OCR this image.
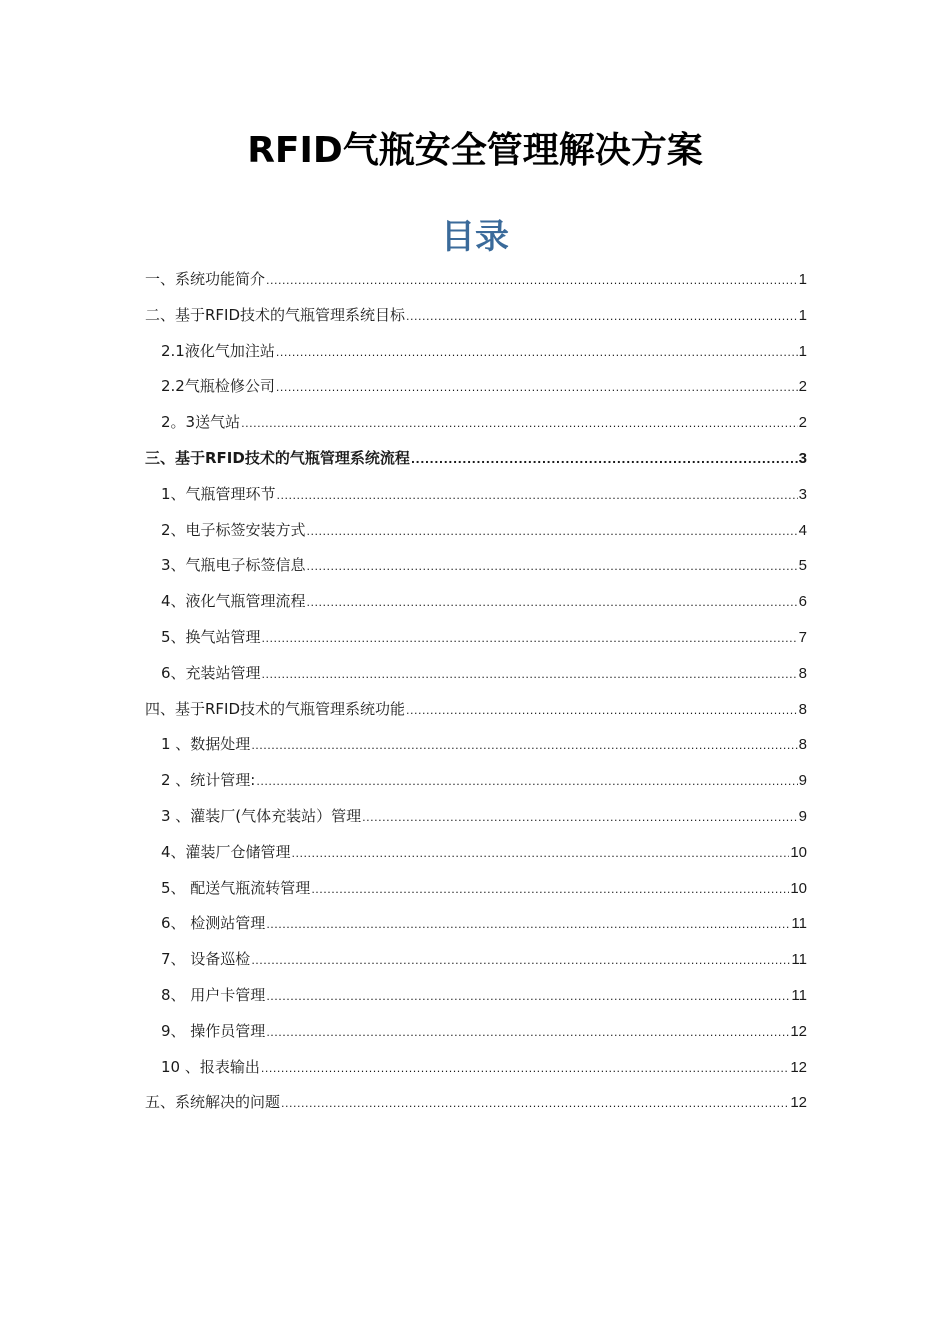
RFID气瓶安全管理解决方案
目录
一、系统功能简介 .....	1
二、基于RFID技术的气瓶管理系统目标 .....	1
2.1液化气加注站 .....	1
2.2气瓶检修公司 .....	2
2。3送气站 .....	2
三、基于RFID技术的气瓶管理系统流程 .....	3
1、气瓶管理环节 .....	3
2、电子标签安装方式 .....	4
3、气瓶电子标签信息 .....	5
4、液化气瓶管理流程 .....	6
5、换气站管理 .....	7
6、充装站管理 .....	8
四、基于RFID技术的气瓶管理系统功能 .....	8
1 、数据处理 .....	8
2 、统计管理: .....	9
3 、灌装厂(气体充装站）管理 .....	9
4、灌装厂仓储管理 .....	10
5、 配送气瓶流转管理 .....	10
6、 检测站管理 .....	11
7、 设备巡检 .....	11
8、 用户卡管理 .....	11
9、 操作员管理 .....	12
10 、报表输出 .....	12
五、系统解决的问题 .....	12
